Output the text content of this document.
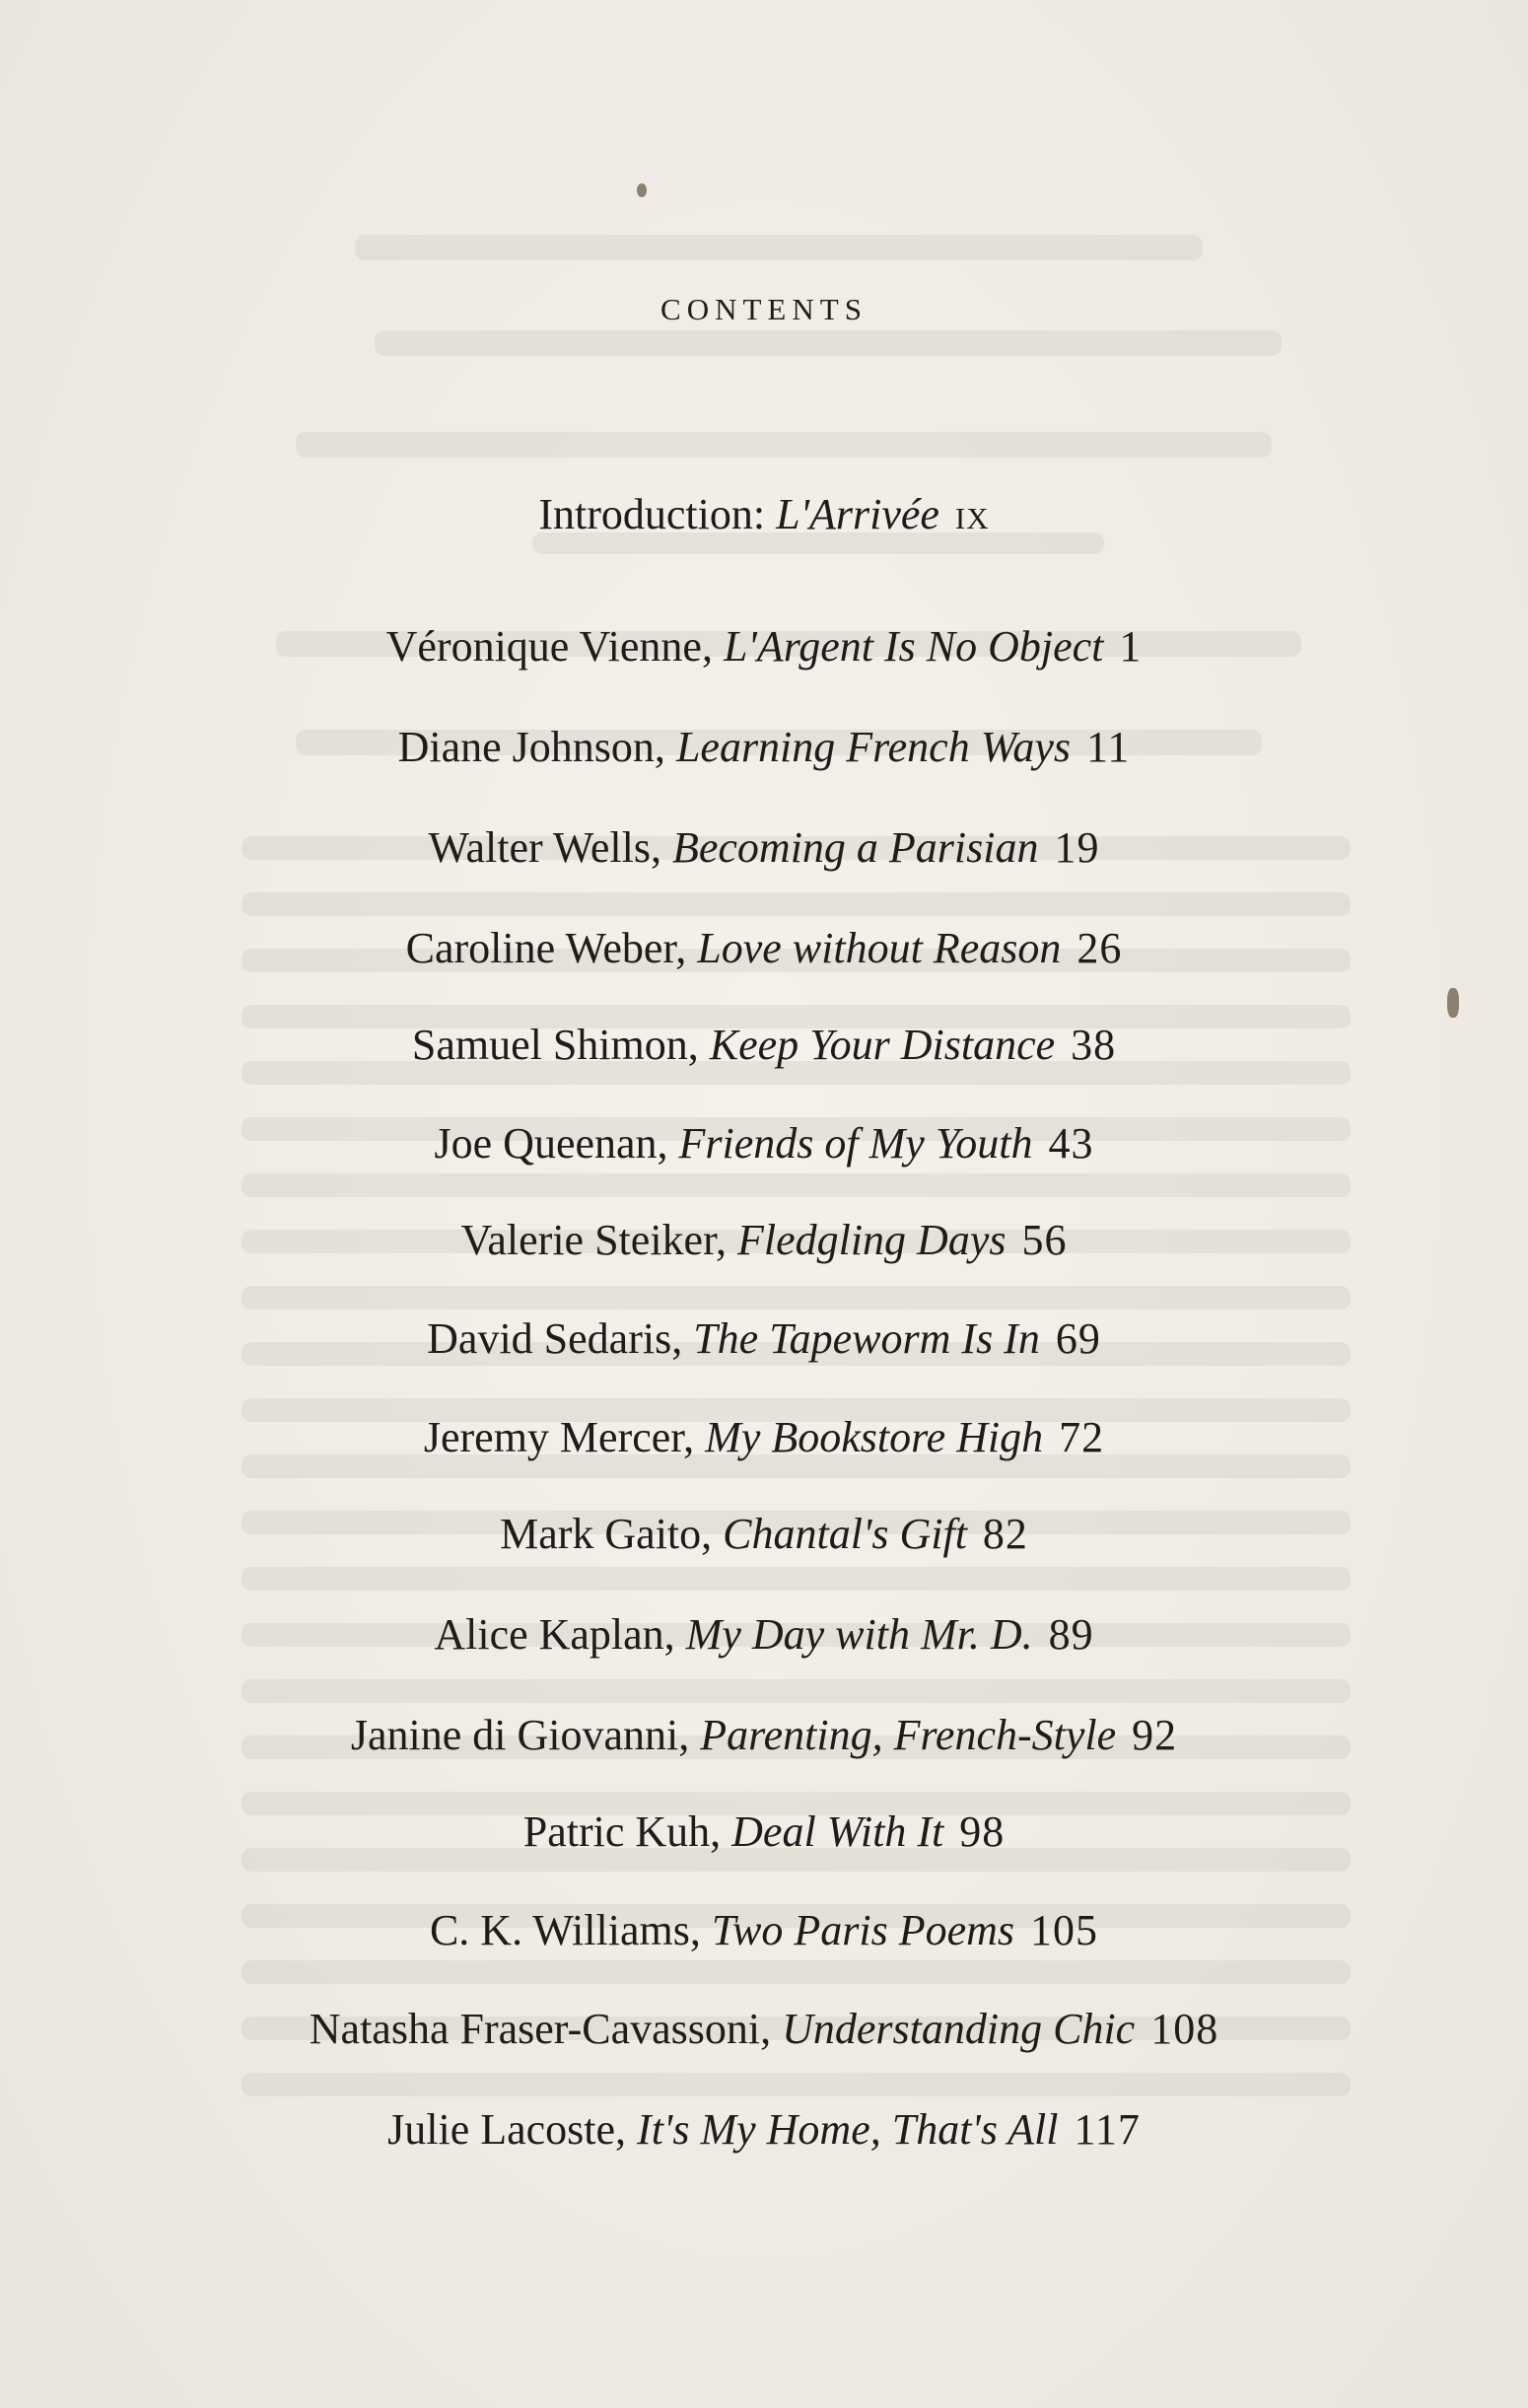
CONTENTS
Introduction: L'Arrivée ix
Véronique Vienne, L'Argent Is No Object 1
Diane Johnson, Learning French Ways 11
Walter Wells, Becoming a Parisian 19
Caroline Weber, Love without Reason 26
Samuel Shimon, Keep Your Distance 38
Joe Queenan, Friends of My Youth 43
Valerie Steiker, Fledgling Days 56
David Sedaris, The Tapeworm Is In 69
Jeremy Mercer, My Bookstore High 72
Mark Gaito, Chantal's Gift 82
Alice Kaplan, My Day with Mr. D. 89
Janine di Giovanni, Parenting, French-Style 92
Patric Kuh, Deal With It 98
C. K. Williams, Two Paris Poems 105
Natasha Fraser-Cavassoni, Understanding Chic 108
Julie Lacoste, It's My Home, That's All 117
